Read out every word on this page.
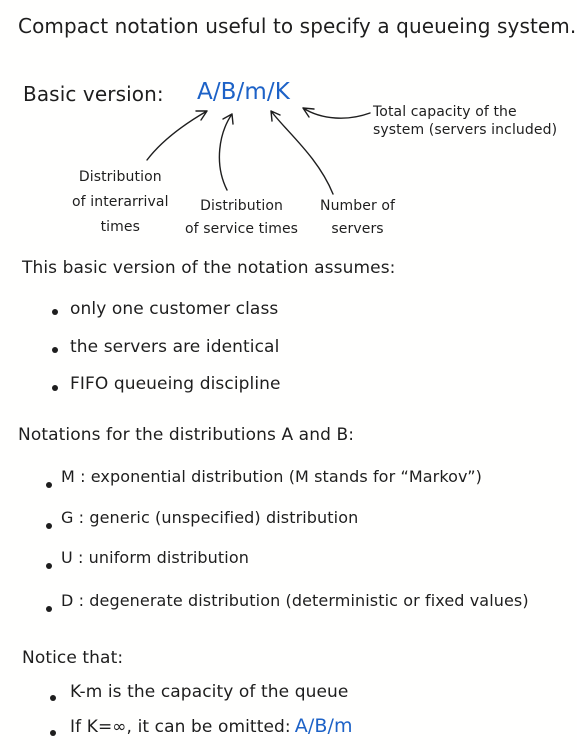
Compact notation useful to specify a queueing system.
Basic version: A/B/m/K
Total capacity of the
system (servers included)
Distribution
of interarrival
times
Distribution
of service times
Number of
servers
This basic version of the notation assumes:
only one customer class
the servers are identical
FIFO queueing discipline
Notations for the distributions A and B:
M : exponential distribution (M stands for “Markov”)
G : generic (unspecified) distribution
U : uniform distribution
D : degenerate distribution (deterministic or fixed values)
Notice that:
K-m is the capacity of the queue
If K=∞, it can be omitted: A/B/m
